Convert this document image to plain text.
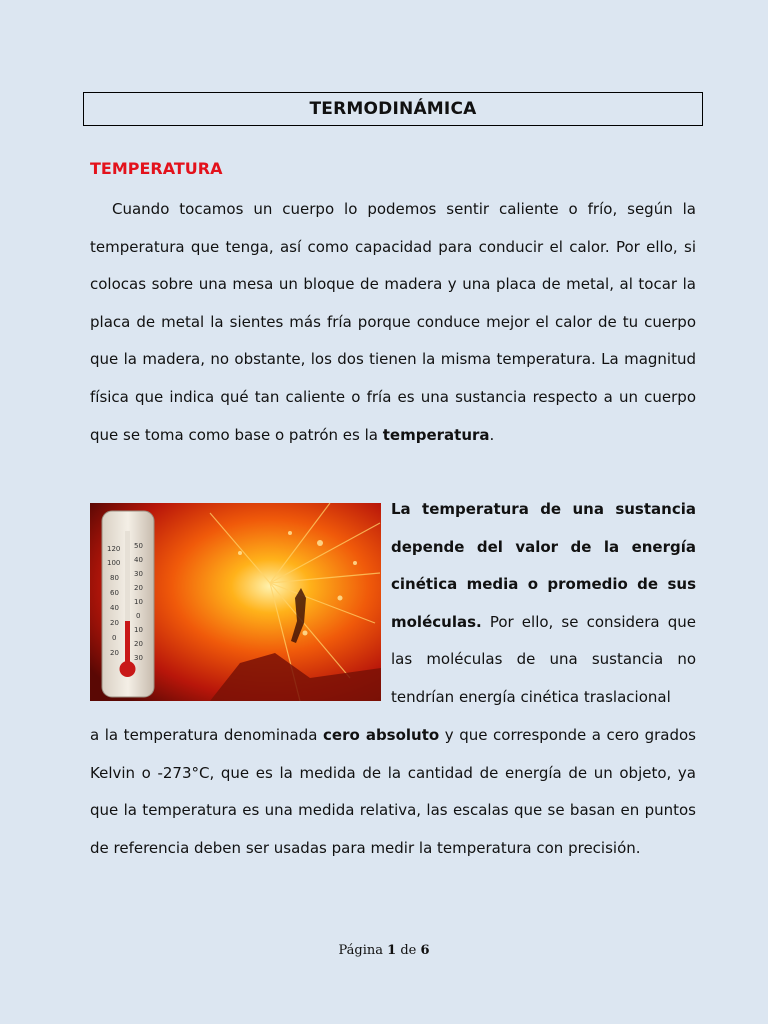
TERMODINÁMICA
TEMPERATURA
Cuando tocamos un cuerpo lo podemos sentir caliente o frío, según la temperatura que tenga, así como capacidad para conducir el calor. Por ello, si colocas sobre una mesa un bloque de madera y una placa de metal, al tocar la placa de metal la sientes más fría porque conduce mejor el calor de tu cuerpo que la madera, no obstante, los dos tienen la misma temperatura. La magnitud física que indica qué tan caliente o fría es una sustancia respecto a un cuerpo que se toma como base o patrón es la temperatura.
120
100
80
60
40
20
0
20
50
40
30
20
10
0
10
20
30
La temperatura de una sustancia depende del valor de la energía cinética media o promedio de sus moléculas. Por ello, se considera que las moléculas de una sustancia no tendrían energía cinética traslacional
a la temperatura denominada cero absoluto y que corresponde a cero grados Kelvin o -273°C, que es la medida de la cantidad de energía de un objeto, ya que la temperatura es una medida relativa, las escalas que se basan en puntos de referencia deben ser usadas para medir la temperatura con precisión.
Página 1 de 6
